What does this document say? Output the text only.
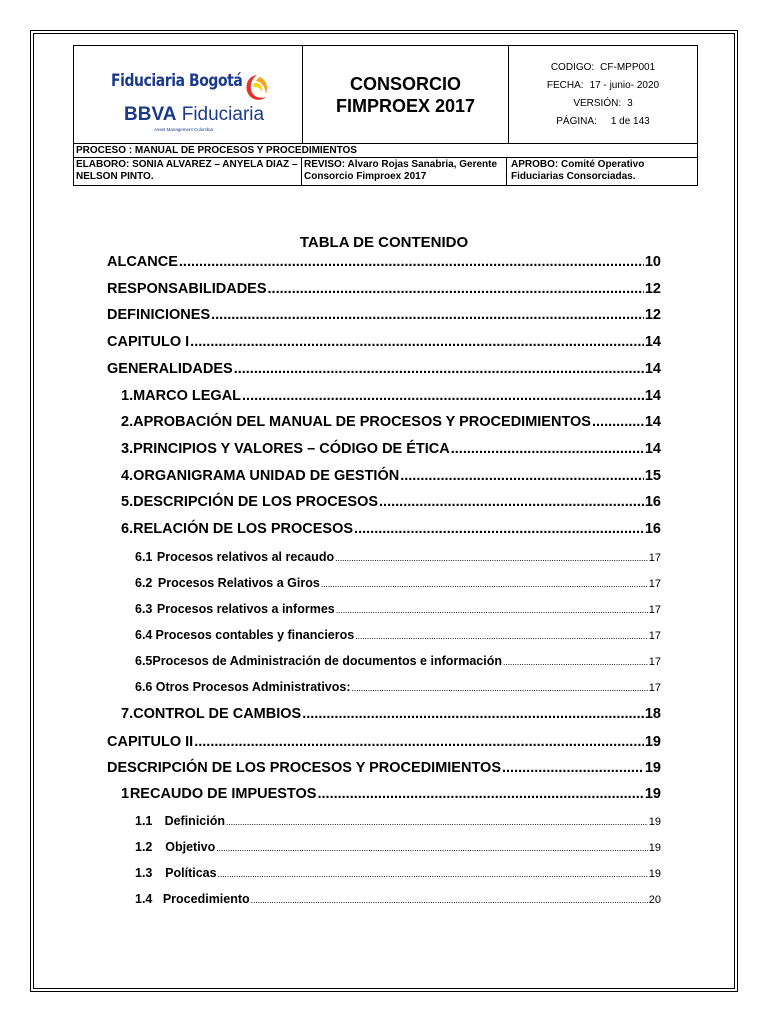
Fiduciaria Bogotá
BBVA Fiduciaria
Asset Management Colombia
CONSORCIO
FIMPROEX 2017
CODIGO: CF-MPP001
FECHA: 17 - junio- 2020
VERSIÓN: 3
PÁGINA: 1 de 143
PROCESO : MANUAL DE PROCESOS Y PROCEDIMIENTOS
ELABORO: SONIA ALVAREZ – ANYELA DIAZ – NELSON PINTO.
REVISO: Alvaro Rojas Sanabria, Gerente Consorcio Fimproex 2017
APROBO: Comité Operativo Fiduciarias Consorciadas.
TABLA DE CONTENIDO
ALCANCE .....	10
RESPONSABILIDADES .....	12
DEFINICIONES .....	12
CAPITULO I .....	14
GENERALIDADES .....	14
1. MARCO LEGAL .....	14
2. APROBACIÓN DEL MANUAL DE PROCESOS Y PROCEDIMIENTOS .....	14
3. PRINCIPIOS Y VALORES – CÓDIGO DE ÉTICA .....	14
4. ORGANIGRAMA UNIDAD DE GESTIÓN .....	15
5. DESCRIPCIÓN DE LOS PROCESOS .....	16
6. RELACIÓN DE LOS PROCESOS .....	16
6.1 Procesos relativos al recaudo .....	17
6.2 Procesos Relativos a Giros .....	17
6.3 Procesos relativos a informes .....	17
6.4 Procesos contables y financieros .....	17
6.5 Procesos de Administración de documentos e información .....	17
6.6 Otros Procesos Administrativos: .....	17
7. CONTROL DE CAMBIOS .....	18
CAPITULO II .....	19
DESCRIPCIÓN DE LOS PROCESOS Y PROCEDIMIENTOS .....	19
1 RECAUDO DE IMPUESTOS .....	19
1.1 Definición .....	19
1.2	Objetivo .....	19
1.3	Políticas .....	19
1.4 Procedimiento .....	20
